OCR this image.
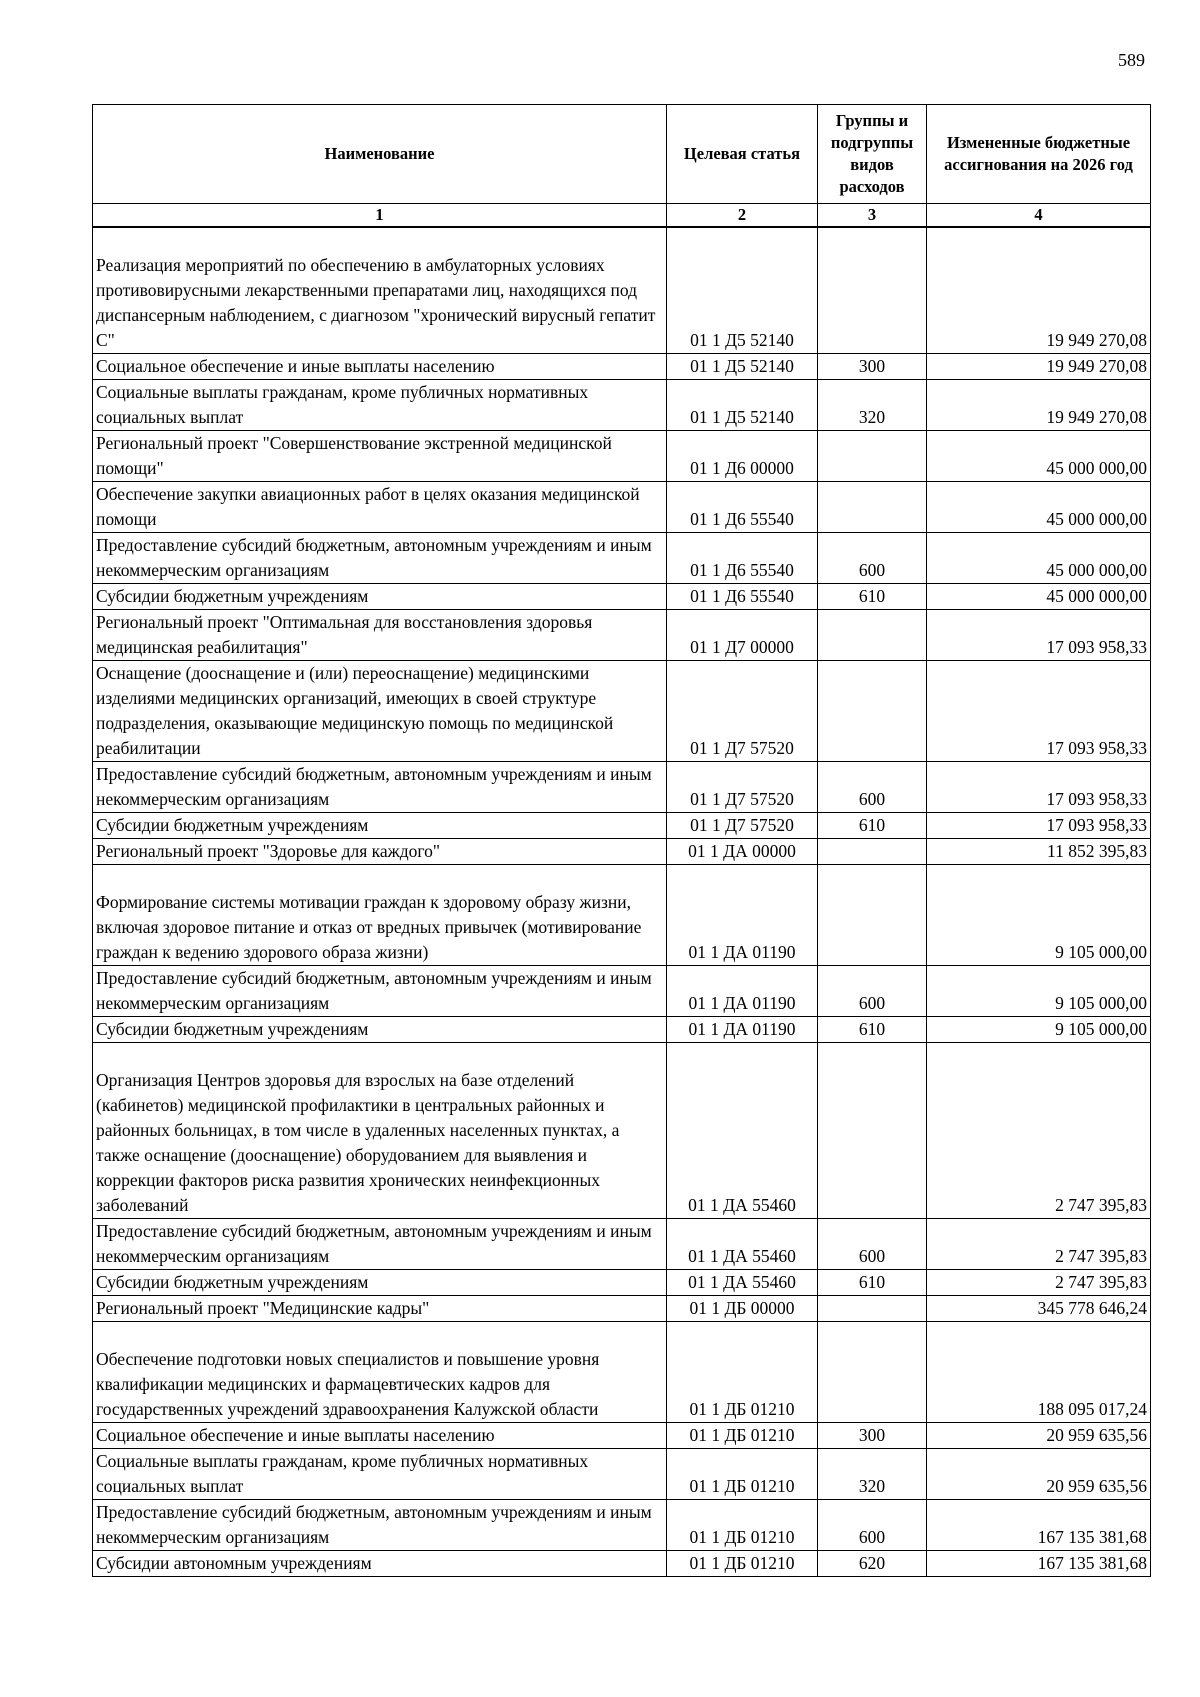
589
Наименование	Целевая статья	Группы и подгруппы видов расходов	Измененные бюджетные ассигнования на 2026 год
1	2	3	4
Реализация мероприятий по обеспечению в амбулаторных условиях противовирусными лекарственными препаратами лиц, находящихся под диспансерным наблюдением, с диагнозом "хронический вирусный гепатит С"	01 1 Д5 52140		19 949 270,08
Социальное обеспечение и иные выплаты населению	01 1 Д5 52140	300	19 949 270,08
Социальные выплаты гражданам, кроме публичных нормативных социальных выплат	01 1 Д5 52140	320	19 949 270,08
Региональный проект "Совершенствование экстренной медицинской помощи"	01 1 Д6 00000		45 000 000,00
Обеспечение закупки авиационных работ в целях оказания медицинской помощи	01 1 Д6 55540		45 000 000,00
Предоставление субсидий бюджетным, автономным учреждениям и иным некоммерческим организациям	01 1 Д6 55540	600	45 000 000,00
Субсидии бюджетным учреждениям	01 1 Д6 55540	610	45 000 000,00
Региональный проект "Оптимальная для восстановления здоровья медицинская реабилитация"	01 1 Д7 00000		17 093 958,33
Оснащение (дооснащение и (или) переоснащение) медицинскими изделиями медицинских организаций, имеющих в своей структуре подразделения, оказывающие медицинскую помощь по медицинской реабилитации	01 1 Д7 57520		17 093 958,33
Предоставление субсидий бюджетным, автономным учреждениям и иным некоммерческим организациям	01 1 Д7 57520	600	17 093 958,33
Субсидии бюджетным учреждениям	01 1 Д7 57520	610	17 093 958,33
Региональный проект "Здоровье для каждого"	01 1 ДА 00000		11 852 395,83
Формирование системы мотивации граждан к здоровому образу жизни, включая здоровое питание и отказ от вредных привычек (мотивирование граждан к ведению здорового образа жизни)	01 1 ДА 01190		9 105 000,00
Предоставление субсидий бюджетным, автономным учреждениям и иным некоммерческим организациям	01 1 ДА 01190	600	9 105 000,00
Субсидии бюджетным учреждениям	01 1 ДА 01190	610	9 105 000,00
Организация Центров здоровья для взрослых на базе отделений (кабинетов) медицинской профилактики в центральных районных и районных больницах, в том числе в удаленных населенных пунктах, а также оснащение (дооснащение) оборудованием для выявления и коррекции факторов риска развития хронических неинфекционных заболеваний	01 1 ДА 55460		2 747 395,83
Предоставление субсидий бюджетным, автономным учреждениям и иным некоммерческим организациям	01 1 ДА 55460	600	2 747 395,83
Субсидии бюджетным учреждениям	01 1 ДА 55460	610	2 747 395,83
Региональный проект "Медицинские кадры"	01 1 ДБ 00000		345 778 646,24
Обеспечение подготовки новых специалистов и повышение уровня квалификации медицинских и фармацевтических кадров для государственных учреждений здравоохранения Калужской области	01 1 ДБ 01210		188 095 017,24
Социальное обеспечение и иные выплаты населению	01 1 ДБ 01210	300	20 959 635,56
Социальные выплаты гражданам, кроме публичных нормативных социальных выплат	01 1 ДБ 01210	320	20 959 635,56
Предоставление субсидий бюджетным, автономным учреждениям и иным некоммерческим организациям	01 1 ДБ 01210	600	167 135 381,68
Субсидии автономным учреждениям	01 1 ДБ 01210	620	167 135 381,68
